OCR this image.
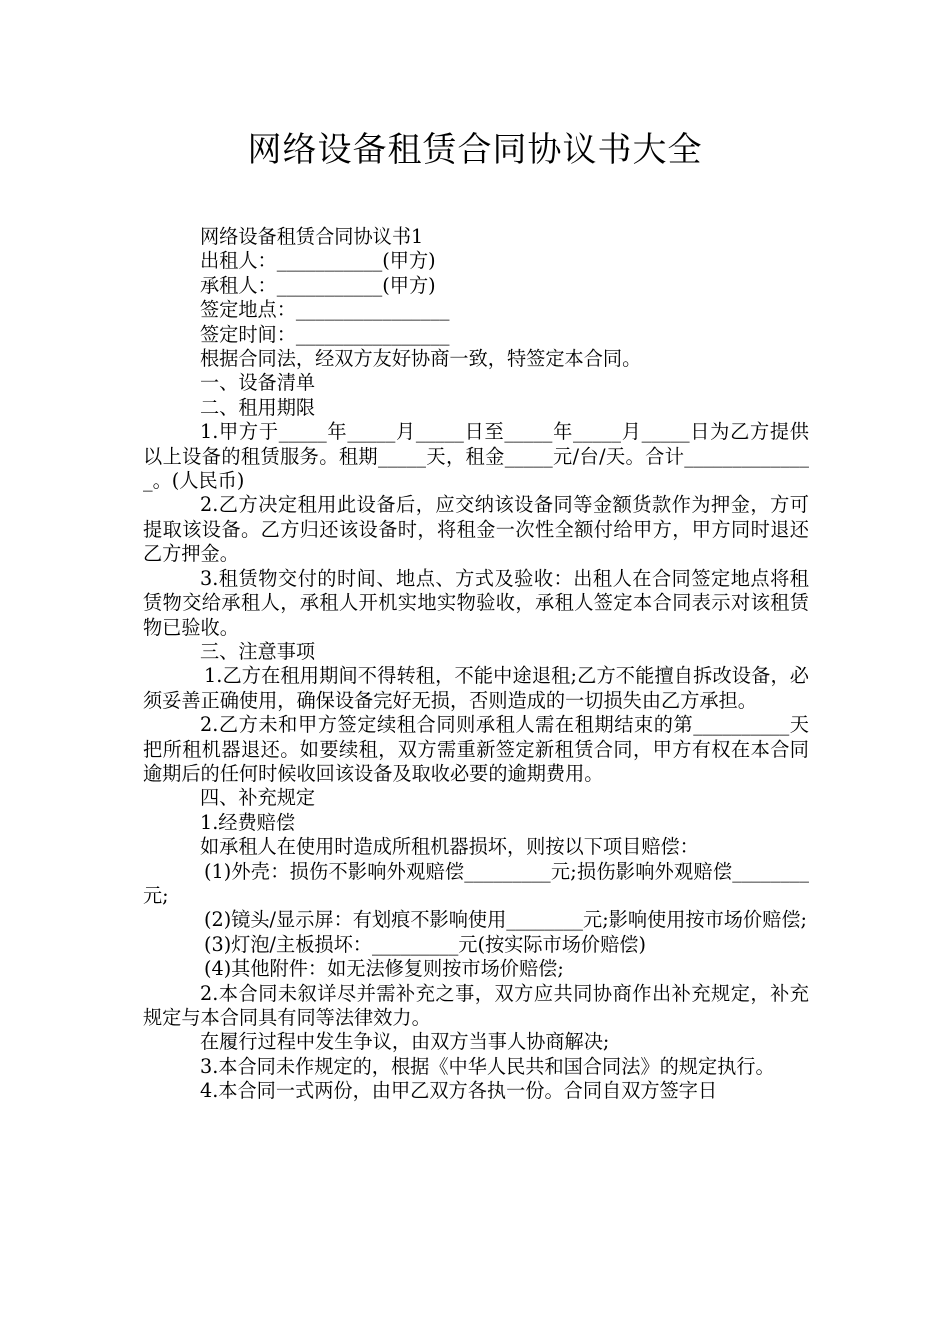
网络设备租赁合同协议书大全
网络设备租赁合同协议书1
出租人：___________(甲方)
承租人：___________(甲方)
签定地点：________________
签定时间：________________
根据合同法，经双方友好协商一致，特签定本合同。
一、设备清单
二、租用期限
1.甲方于_____年_____月_____日至_____年_____月_____日为乙方提供以上设备的租赁服务。租期_____天，租金_____元/台/天。合计______________。(人民币)
2.乙方决定租用此设备后，应交纳该设备同等金额货款作为押金，方可提取该设备。乙方归还该设备时，将租金一次性全额付给甲方，甲方同时退还乙方押金。
3.租赁物交付的时间、地点、方式及验收：出租人在合同签定地点将租赁物交给承租人，承租人开机实地实物验收，承租人签定本合同表示对该租赁物已验收。
三、注意事项
1.乙方在租用期间不得转租，不能中途退租;乙方不能擅自拆改设备，必须妥善正确使用，确保设备完好无损，否则造成的一切损失由乙方承担。
2.乙方未和甲方签定续租合同则承租人需在租期结束的第__________天把所租机器退还。如要续租，双方需重新签定新租赁合同，甲方有权在本合同逾期后的任何时候收回该设备及取收必要的逾期费用。
四、补充规定
1.经费赔偿
如承租人在使用时造成所租机器损坏，则按以下项目赔偿：
(1)外壳：损伤不影响外观赔偿_________元;损伤影响外观赔偿________元;
(2)镜头/显示屏：有划痕不影响使用________元;影响使用按市场价赔偿;
(3)灯泡/主板损坏：_________元(按实际市场价赔偿)
(4)其他附件：如无法修复则按市场价赔偿;
2.本合同未叙详尽并需补充之事，双方应共同协商作出补充规定，补充规定与本合同具有同等法律效力。
在履行过程中发生争议，由双方当事人协商解决;
3.本合同未作规定的，根据《中华人民共和国合同法》的规定执行。
4.本合同一式两份，由甲乙双方各执一份。合同自双方签字日
